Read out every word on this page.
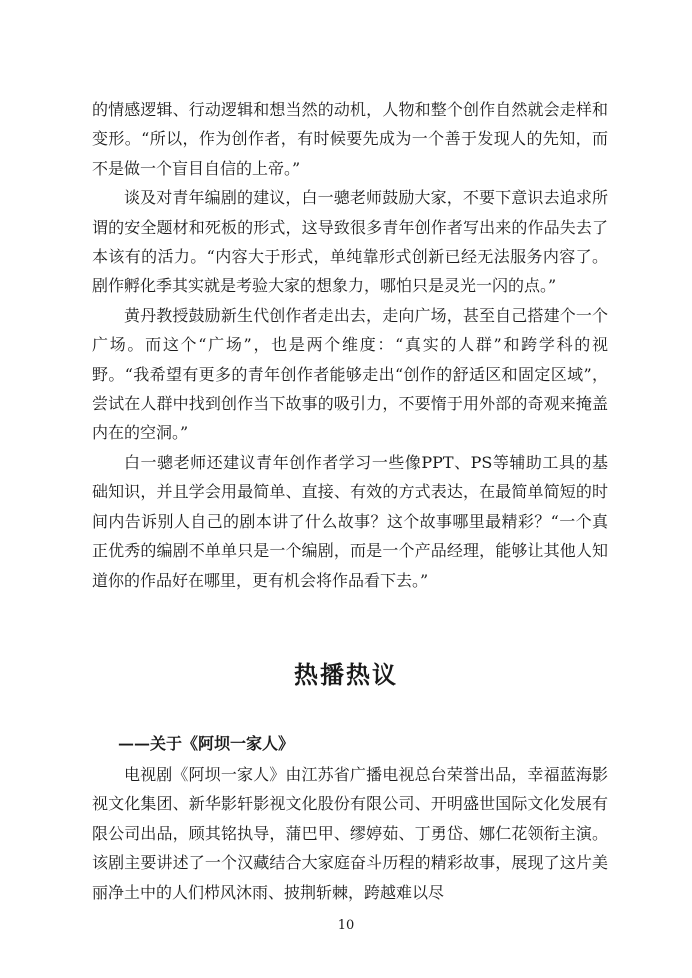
的情感逻辑、行动逻辑和想当然的动机，人物和整个创作自然就会走样和变形。“所以，作为创作者，有时候要先成为一个善于发现人的先知，而不是做一个盲目自信的上帝。”

谈及对青年编剧的建议，白一骢老师鼓励大家，不要下意识去追求所谓的安全题材和死板的形式，这导致很多青年创作者写出来的作品失去了本该有的活力。“内容大于形式，单纯靠形式创新已经无法服务内容了。剧作孵化季其实就是考验大家的想象力，哪怕只是灵光一闪的点。”

黄丹教授鼓励新生代创作者走出去，走向广场，甚至自己搭建个一个广场。而这个“广场”，也是两个维度：“真实的人群”和跨学科的视野。“我希望有更多的青年创作者能够走出“创作的舒适区和固定区域”，尝试在人群中找到创作当下故事的吸引力，不要惰于用外部的奇观来掩盖内在的空洞。”

白一骢老师还建议青年创作者学习一些像PPT、PS等辅助工具的基础知识，并且学会用最简单、直接、有效的方式表达，在最简单简短的时间内告诉别人自己的剧本讲了什么故事？这个故事哪里最精彩？“一个真正优秀的编剧不单单只是一个编剧，而是一个产品经理，能够让其他人知道你的作品好在哪里，更有机会将作品看下去。”

热播热议
——关于《阿坝一家人》

电视剧《阿坝一家人》由江苏省广播电视总台荣誉出品，幸福蓝海影视文化集团、新华影轩影视文化股份有限公司、开明盛世国际文化发展有限公司出品，顾其铭执导，蒲巴甲、缪婷茹、丁勇岱、娜仁花领衔主演。该剧主要讲述了一个汉藏结合大家庭奋斗历程的精彩故事，展现了这片美丽净土中的人们栉风沐雨、披荆斩棘，跨越难以尽

10
